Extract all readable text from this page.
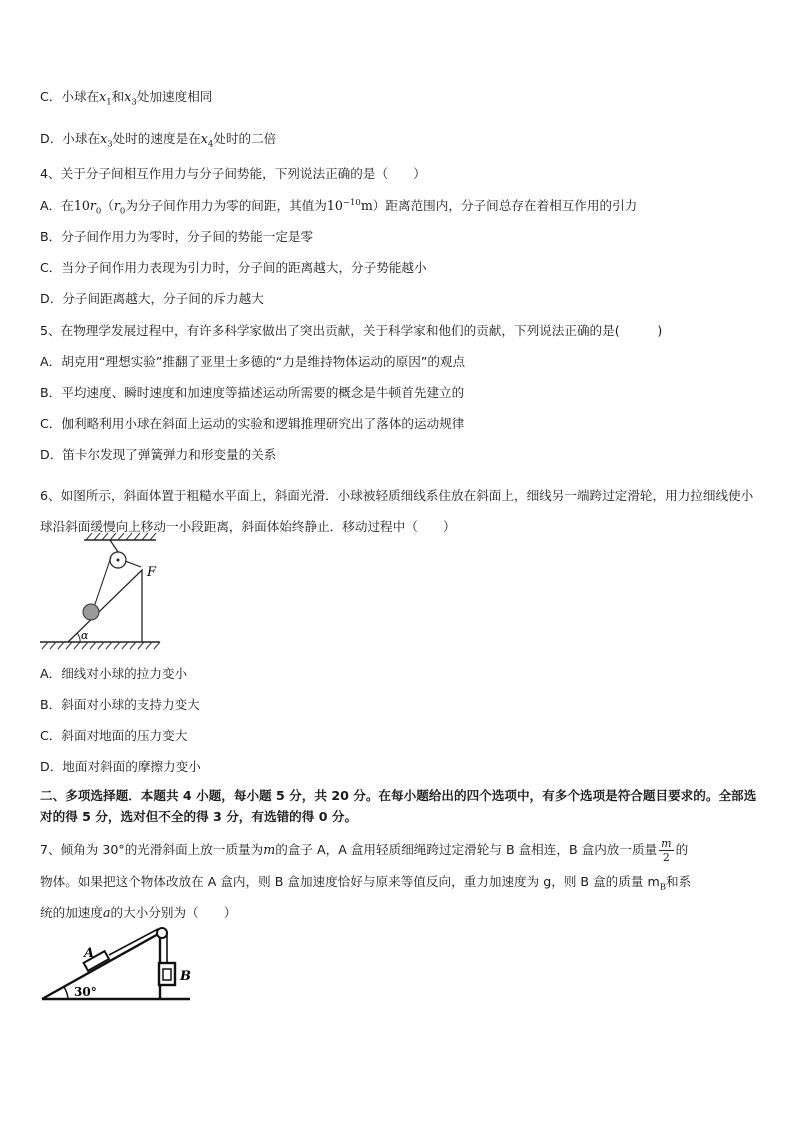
C．小球在$x_1$和$x_3$处加速度相同
D．小球在$x_3$处时的速度是在$x_4$处时的二倍
4、关于分子间相互作用力与分子间势能，下列说法正确的是（　　）
A．在$10r_0(r_0$为分子间作用力为零的间距，其值为$10^{-10}m$）距离范围内，分子间总存在着相互作用的引力
B．分子间作用力为零时，分子间的势能一定是零
C．当分子间作用力表现为引力时，分子间的距离越大，分子势能越小
D．分子间距离越大，分子间的斥力越大
5、在物理学发展过程中，有许多科学家做出了突出贡献，关于科学家和他们的贡献，下列说法正确的是(　　　)
A．胡克用“理想实验”推翻了亚里士多德的“力是维持物体运动的原因”的观点
B．平均速度、瞬时速度和加速度等描述运动所需要的概念是牛顿首先建立的
C．伽利略利用小球在斜面上运动的实验和逻辑推理研究出了落体的运动规律
D．笛卡尔发现了弹簧弹力和形变量的关系
6、如图所示，斜面体置于粗糙水平面上，斜面光滑．小球被轻质细线系住放在斜面上，细线另一端跨过定滑轮，用力拉细线使小球沿斜面缓慢向上移动一小段距离，斜面体始终静止．移动过程中（　　）
F
α
A．细线对小球的拉力变小
B．斜面对小球的支持力变大
C．斜面对地面的压力变大
D．地面对斜面的摩擦力变小
二、多项选择题．本题共 4 小题，每小题 5 分，共 20 分。在每小题给出的四个选项中，有多个选项是符合题目要求的。全部选对的得 5 分，选对但不全的得 3 分，有选错的得 0 分。
7、倾角为 30°的光滑斜面上放一质量为m的盒子 A，A 盒用轻质细绳跨过定滑轮与 B 盒相连，B 盒内放一质量 $\frac{m}{2}$ 的
物体。如果把这个物体改放在 A 盒内，则 B 盒加速度恰好与原来等值反向，重力加速度为 g，则 B 盒的质量 $m_B$和系
统的加速度a的大小分别为（　　）
30°
A
B
